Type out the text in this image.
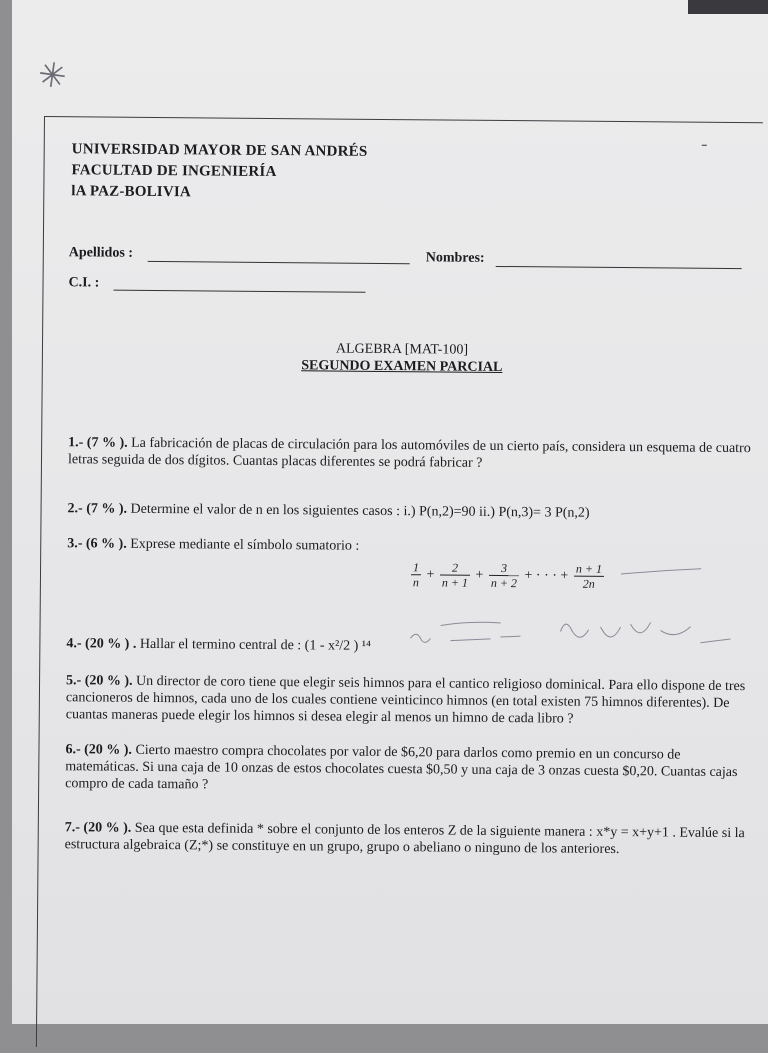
✳
UNIVERSIDAD MAYOR DE SAN ANDRÉS
FACULTAD DE INGENIERÍA
lA PAZ-BOLIVIA
Apellidos :	Nombres:
C.I. :
ALGEBRA [MAT-100]
SEGUNDO EXAMEN PARCIAL
1.- (7 % ). La fabricación de placas de circulación para los automóviles de un cierto país, considera un esquema de cuatro letras seguida de dos dígitos. Cuantas placas diferentes se podrá fabricar ?
2.- (7 % ). Determine el valor de n en los siguientes casos : i.) P(n,2)=90 ii.) P(n,3)= 3 P(n,2)
3.- (6 % ). Exprese mediante el símbolo sumatorio :
$\frac{1}{n} + \frac{2}{n + 1} + \frac{3}{n + 2}$ + · · · + $\frac{n + 1}{2n}$
4.- (20 % ) . Hallar el termino central de : (1 - x²/2 ) ¹⁴
5.- (20 % ). Un director de coro tiene que elegir seis himnos para el cantico religioso dominical. Para ello dispone de tres cancioneros de himnos, cada uno de los cuales contiene veinticinco himnos (en total existen 75 himnos diferentes). De cuantas maneras puede elegir los himnos si desea elegir al menos un himno de cada libro ?
6.- (20 % ). Cierto maestro compra chocolates por valor de $6,20 para darlos como premio en un concurso de matemáticas. Si una caja de 10 onzas de estos chocolates cuesta $0,50 y una caja de 3 onzas cuesta $0,20. Cuantas cajas compro de cada tamaño ?
7.- (20 % ). Sea que esta definida * sobre el conjunto de los enteros Z de la siguiente manera : x*y = x+y+1 . Evalúe si la estructura algebraica (Z;*) se constituye en un grupo, grupo o abeliano o ninguno de los anteriores.
